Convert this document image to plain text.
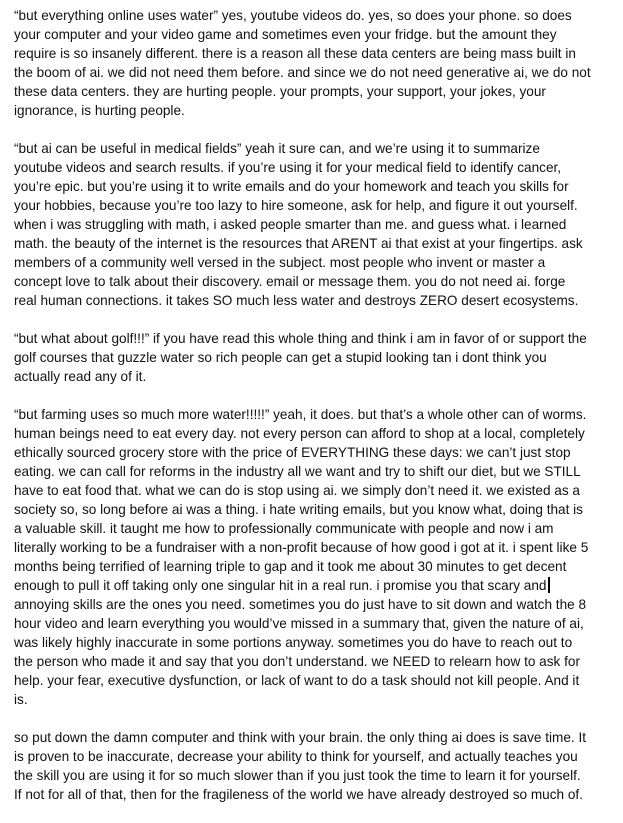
“but everything online uses water” yes, youtube videos do. yes, so does your phone. so does
your computer and your video game and sometimes even your fridge. but the amount they
require is so insanely different. there is a reason all these data centers are being mass built in
the boom of ai. we did not need them before. and since we do not need generative ai, we do not
these data centers. they are hurting people. your prompts, your support, your jokes, your
ignorance, is hurting people.
“but ai can be useful in medical fields” yeah it sure can, and we’re using it to summarize
youtube videos and search results. if you’re using it for your medical field to identify cancer,
you’re epic. but you’re using it to write emails and do your homework and teach you skills for
your hobbies, because you’re too lazy to hire someone, ask for help, and figure it out yourself.
when i was struggling with math, i asked people smarter than me. and guess what. i learned
math. the beauty of the internet is the resources that ARENT ai that exist at your fingertips. ask
members of a community well versed in the subject. most people who invent or master a
concept love to talk about their discovery. email or message them. you do not need ai. forge
real human connections. it takes SO much less water and destroys ZERO desert ecosystems.
“but what about golf!!!” if you have read this whole thing and think i am in favor of or support the
golf courses that guzzle water so rich people can get a stupid looking tan i dont think you
actually read any of it.
“but farming uses so much more water!!!!!” yeah, it does. but that’s a whole other can of worms.
human beings need to eat every day. not every person can afford to shop at a local, completely
ethically sourced grocery store with the price of EVERYTHING these days: we can’t just stop
eating. we can call for reforms in the industry all we want and try to shift our diet, but we STILL
have to eat food that. what we can do is stop using ai. we simply don’t need it. we existed as a
society so, so long before ai was a thing. i hate writing emails, but you know what, doing that is
a valuable skill. it taught me how to professionally communicate with people and now i am
literally working to be a fundraiser with a non-profit because of how good i got at it. i spent like 5
months being terrified of learning triple to gap and it took me about 30 minutes to get decent
enough to pull it off taking only one singular hit in a real run. i promise you that scary and
annoying skills are the ones you need. sometimes you do just have to sit down and watch the 8
hour video and learn everything you would’ve missed in a summary that, given the nature of ai,
was likely highly inaccurate in some portions anyway. sometimes you do have to reach out to
the person who made it and say that you don’t understand. we NEED to relearn how to ask for
help. your fear, executive dysfunction, or lack of want to do a task should not kill people. And it
is.
so put down the damn computer and think with your brain. the only thing ai does is save time. It
is proven to be inaccurate, decrease your ability to think for yourself, and actually teaches you
the skill you are using it for so much slower than if you just took the time to learn it for yourself.
If not for all of that, then for the fragileness of the world we have already destroyed so much of.
